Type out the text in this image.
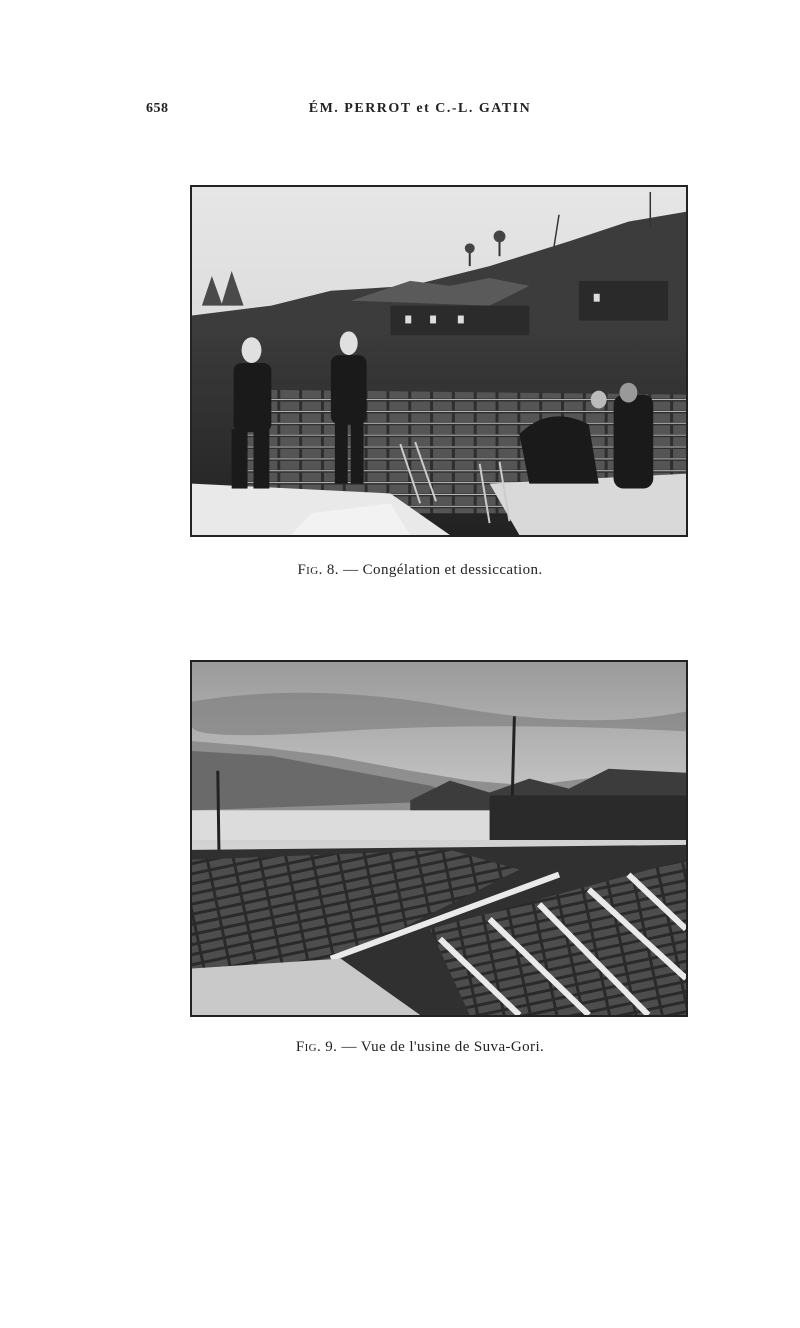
658	ÉM. PERROT et C.-L. GATIN
Fig. 8. — Congélation et dessiccation.
Fig. 9. — Vue de l'usine de Suva-Gori.
